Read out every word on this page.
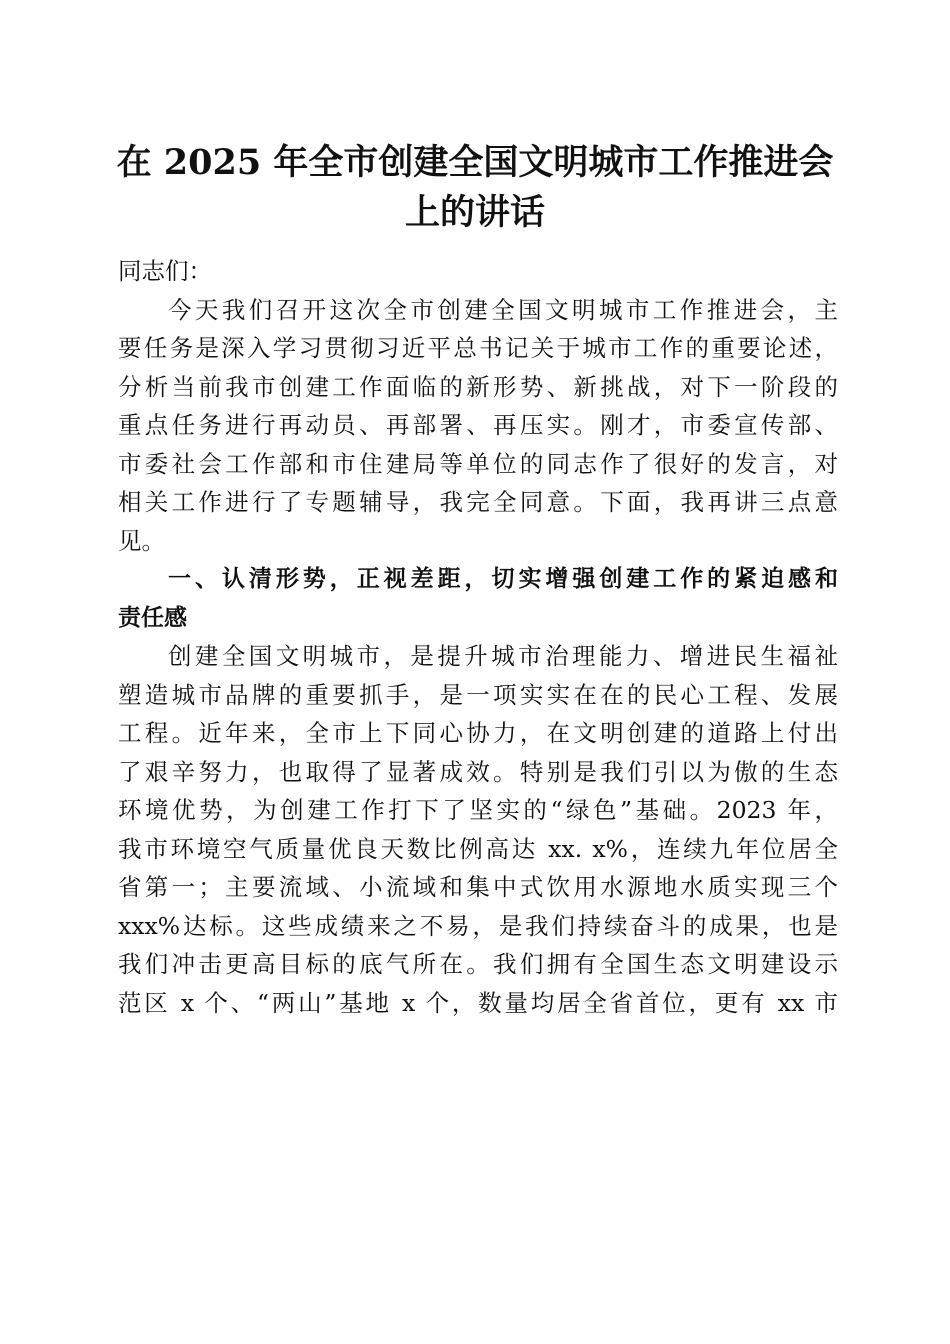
在 2025 年全市创建全国文明城市工作推进会
上的讲话
同志们：
今天我们召开这次全市创建全国文明城市工作推进会，主
要任务是深入学习贯彻习近平总书记关于城市工作的重要论述，
分析当前我市创建工作面临的新形势、新挑战，对下一阶段的
重点任务进行再动员、再部署、再压实。刚才，市委宣传部、
市委社会工作部和市住建局等单位的同志作了很好的发言，对
相关工作进行了专题辅导，我完全同意。下面，我再讲三点意
见。
一、认清形势，正视差距，切实增强创建工作的紧迫感和
责任感
创建全国文明城市，是提升城市治理能力、增进民生福祉
塑造城市品牌的重要抓手，是一项实实在在的民心工程、发展
工程。近年来，全市上下同心协力，在文明创建的道路上付出
了艰辛努力，也取得了显著成效。特别是我们引以为傲的生态
环境优势，为创建工作打下了坚实的“绿色”基础。2023 年，
我市环境空气质量优良天数比例高达 xx. x%，连续九年位居全
省第一；主要流域、小流域和集中式饮用水源地水质实现三个
xxx%达标。这些成绩来之不易，是我们持续奋斗的成果，也是
我们冲击更高目标的底气所在。我们拥有全国生态文明建设示
范区 x 个、“两山”基地 x 个，数量均居全省首位，更有 xx 市
